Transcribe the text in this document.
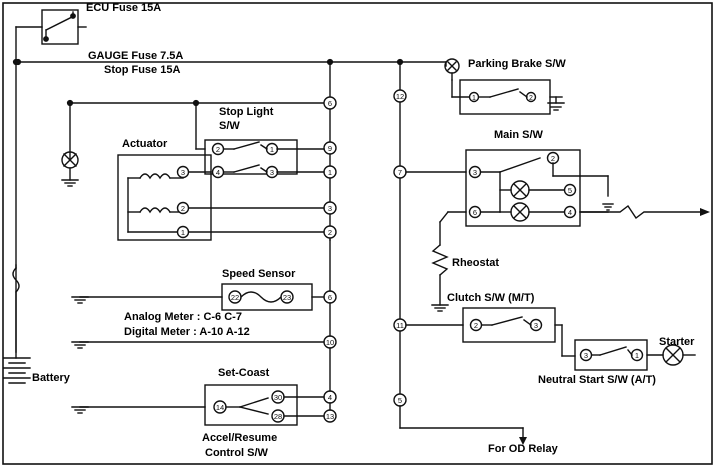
1	2
6
9
1
3
2
6
10
4
13
12
7
11
5
3
2
5
6	4
2	1
4	3
3
2
1
22	23
2	3
3	1
14
30
28
ECU Fuse 15A
GAUGE Fuse 7.5A
Stop Fuse 15A	Parking Brake S/W
Main S/W
Stop Light
S/W
Actuator
Rheostat
Speed Sensor
Analog Meter : C-6 C-7
Digital Meter : A-10 A-12
Clutch S/W (M/T)
Starter
Neutral Start S/W (A/T)
Battery	Set-Coast
Accel/Resume
Control S/W	For OD Relay
